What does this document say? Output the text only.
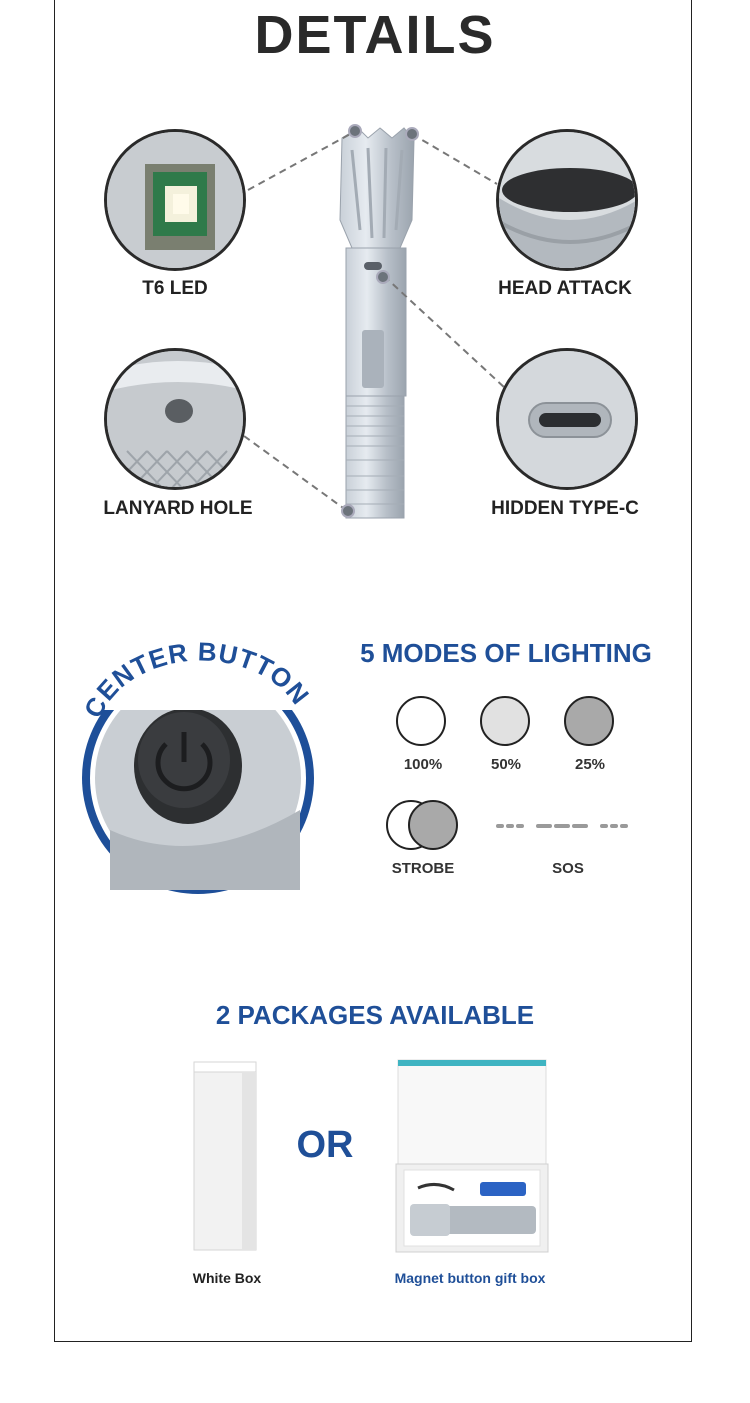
DETAILS
T6 LED	HEAD ATTACK
LANYARD HOLE	HIDDEN TYPE-C
CENTER BUTTON
5 MODES OF LIGHTING
100%	50%	25%
STROBE	SOS
2 PACKAGES AVAILABLE
White Box
OR
Magnet button gift box
